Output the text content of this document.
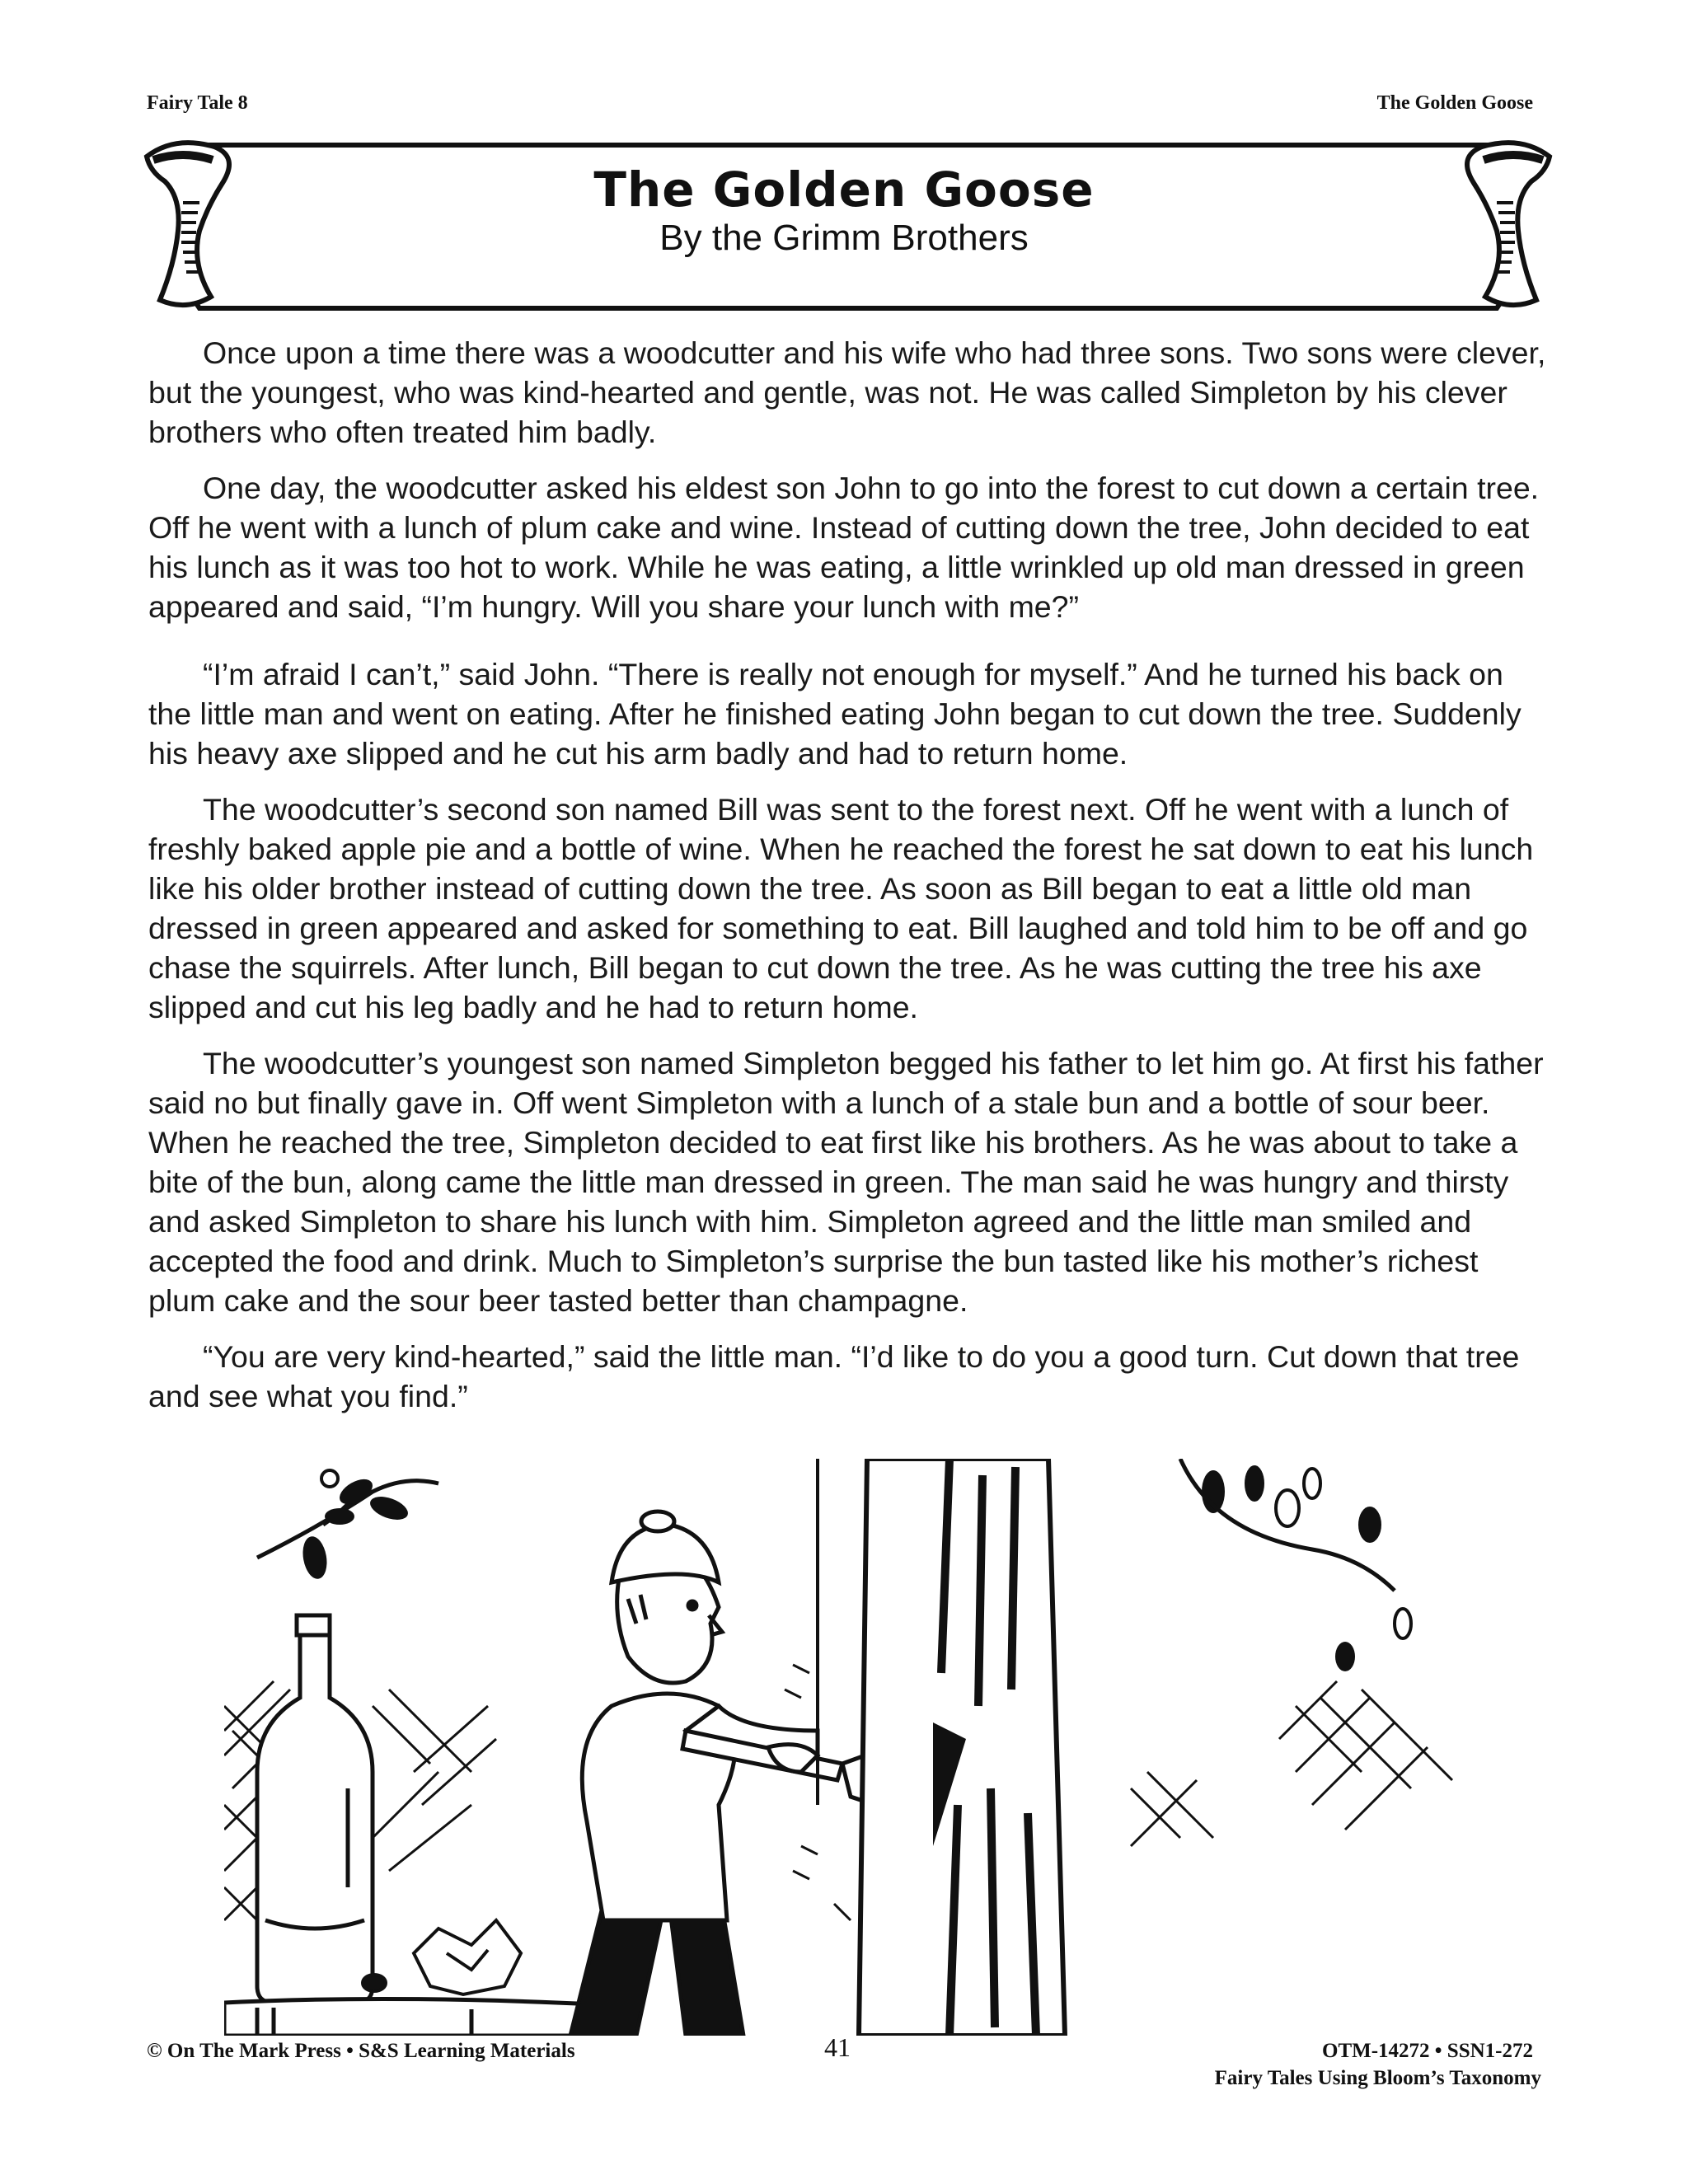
Fairy Tale 8	The Golden Goose
The Golden Goose
By the Grimm Brothers

Once upon a time there was a woodcutter and his wife who had three sons. Two sons were clever, but the youngest, who was kind-hearted and gentle, was not. He was called Simpleton by his clever brothers who often treated him badly.

One day, the woodcutter asked his eldest son John to go into the forest to cut down a certain tree. Off he went with a lunch of plum cake and wine. Instead of cutting down the tree, John decided to eat his lunch as it was too hot to work. While he was eating, a little wrinkled up old man dressed in green appeared and said, “I’m hungry. Will you share your lunch with me?”

“I’m afraid I can’t,” said John. “There is really not enough for myself.” And he turned his back on the little man and went on eating. After he finished eating John began to cut down the tree. Suddenly his heavy axe slipped and he cut his arm badly and had to return home.

The woodcutter’s second son named Bill was sent to the forest next. Off he went with a lunch of freshly baked apple pie and a bottle of wine. When he reached the forest he sat down to eat his lunch like his older brother instead of cutting down the tree. As soon as Bill began to eat a little old man dressed in green appeared and asked for something to eat. Bill laughed and told him to be off and go chase the squirrels. After lunch, Bill began to cut down the tree. As he was cutting the tree his axe slipped and cut his leg badly and he had to return home.

The woodcutter’s youngest son named Simpleton begged his father to let him go. At first his father said no but finally gave in. Off went Simpleton with a lunch of a stale bun and a bottle of sour beer. When he reached the tree, Simpleton decided to eat first like his brothers. As he was about to take a bite of the bun, along came the little man dressed in green. The man said he was hungry and thirsty and asked Simpleton to share his lunch with him. Simpleton agreed and the little man smiled and accepted the food and drink. Much to Simpleton’s surprise the bun tasted like his mother’s richest plum cake and the sour beer tasted better than champagne.

“You are very kind-hearted,” said the little man. “I’d like to do you a good turn. Cut down that tree and see what you find.”

© On The Mark Press • S&S Learning Materials	41	OTM-14272 • SSN1-272
Fairy Tales Using Bloom’s Taxonomy
